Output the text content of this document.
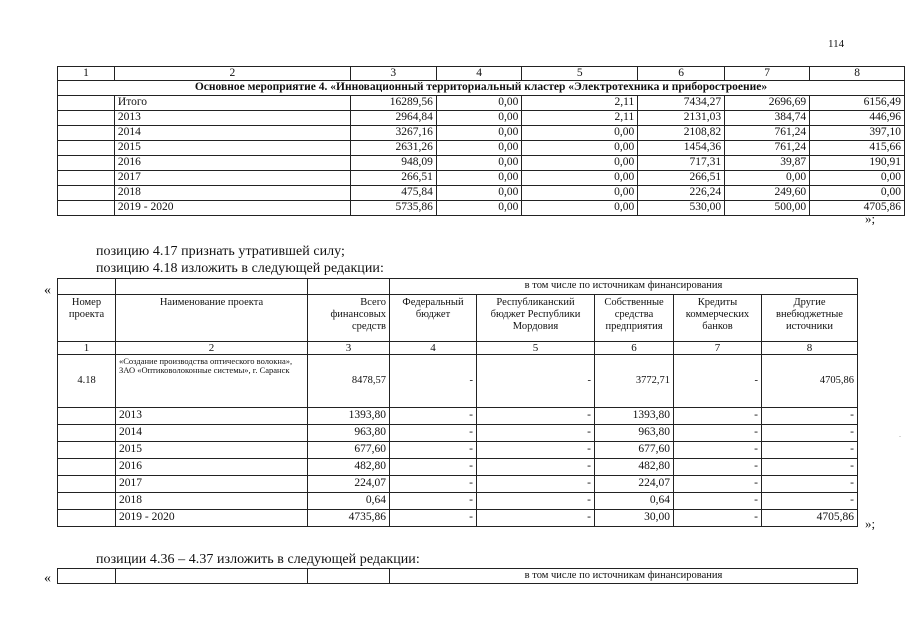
114
1	2	3	4	5	6	7	8
Основное мероприятие 4. «Инновационный территориальный кластер «Электротехника и приборостроение»							
	Итого	16289,56	0,00	2,11	7434,27	2696,69	6156,49
	2013	2964,84	0,00	2,11	2131,03	384,74	446,96
	2014	3267,16	0,00	0,00	2108,82	761,24	397,10
	2015	2631,26	0,00	0,00	1454,36	761,24	415,66
	2016	948,09	0,00	0,00	717,31	39,87	190,91
	2017	266,51	0,00	0,00	266,51	0,00	0,00
	2018	475,84	0,00	0,00	226,24	249,60	0,00
	2019 - 2020	5735,86	0,00	0,00	530,00	500,00	4705,86
»;
позицию 4.17 признать утратившей силу;
позицию 4.18 изложить в следующей редакции:
«
				в том числе по источникам финансирования				
Номер проекта	Наименование проекта	Всего финансовых средств	Федеральный бюджет	Республиканский бюджет Республики Мордовия	Собственные средства предприятия	Кредиты коммерческих банков	Другие внебюджетные источники
1	2	3	4	5	6	7	8
4.18	«Создание производства оптического волокна», ЗАО «Оптиковолоконные системы», г. Саранск	8478,57	-	-	3772,71	-	4705,86
	2013	1393,80	-	-	1393,80	-	-
	2014	963,80	-	-	963,80	-	-
	2015	677,60	-	-	677,60	-	-
	2016	482,80	-	-	482,80	-	-
	2017	224,07	-	-	224,07	-	-
	2018	0,64	-	-	0,64	-	-
	2019 - 2020	4735,86	-	-	30,00	-	4705,86 »;
позиции 4.36 – 4.37 изложить в следующей редакции:
«
				в том числе по источникам финансирования
.
